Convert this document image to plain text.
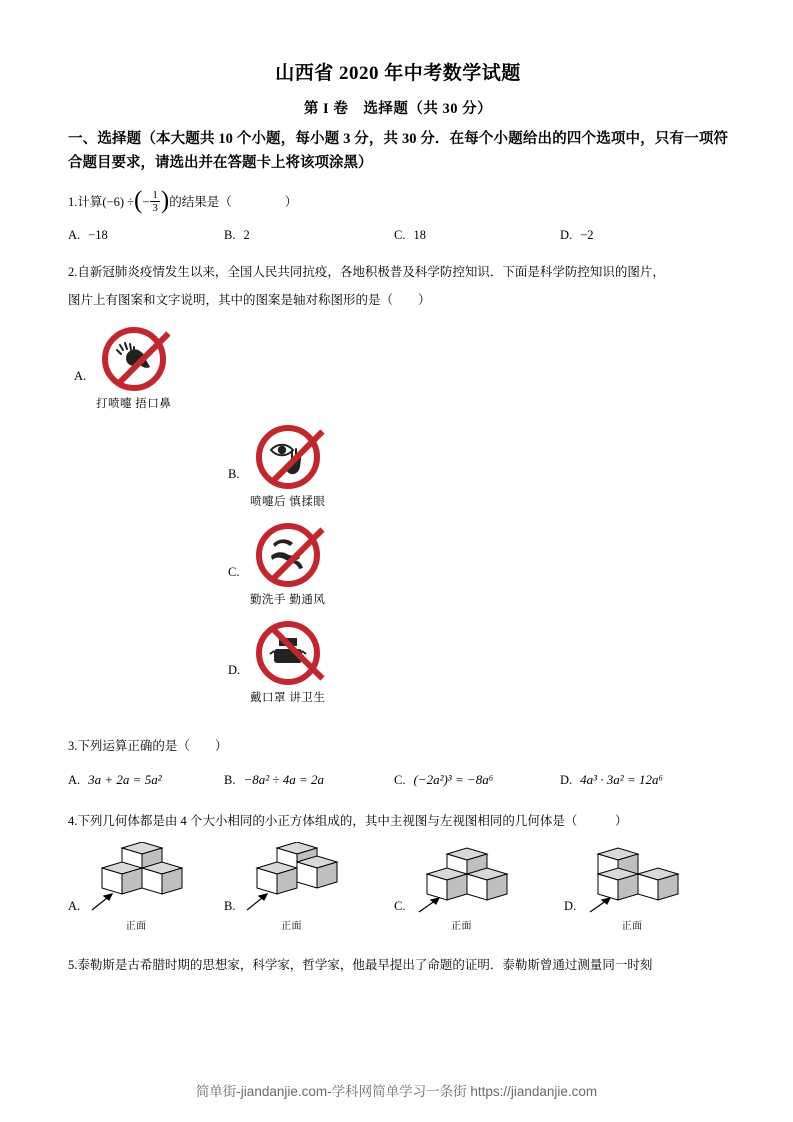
山西省 2020 年中考数学试题
第 I 卷　选择题（共 30 分）
一、选择题（本大题共 10 个小题，每小题 3 分，共 30 分．在每个小题给出的四个选项中，只有一项符合题目要求，请选出并在答题卡上将该项涂黑）
1.计算(−6) ÷(− $\frac{1}{3}$ )的结果是（　　	）
A. −18	B. 2	C. 18	D. −2
2.自新冠肺炎疫情发生以来，全国人民共同抗疫，各地积极普及科学防控知识．下面是科学防控知识的图片，
图片上有图案和文字说明，其中的图案是轴对称图形的是（　　）
A.
打喷嚏 捂口鼻
B.
喷嚏后 慎揉眼
C.
勤洗手 勤通风
D.
戴口罩 讲卫生
3.下列运算正确的是（　　）
A. 3a + 2a = 5a²	B. −8a² ÷ 4a = 2a	C. (−2a²)³ = −8a⁶	D. 4a³ · 3a² = 12a⁶
4.下列几何体都是由 4 个大小相同的小正方体组成的，其中主视图与左视图相同的几何体是（　　　）
A.
正面
B.
正面
C.
正面
D.
正面
5.泰勒斯是古希腊时期的思想家，科学家，哲学家，他最早提出了命题的证明．泰勒斯曾通过测量同一时刻
简单街-jiandanjie.com-学科网简单学习一条街 https://jiandanjie.com
